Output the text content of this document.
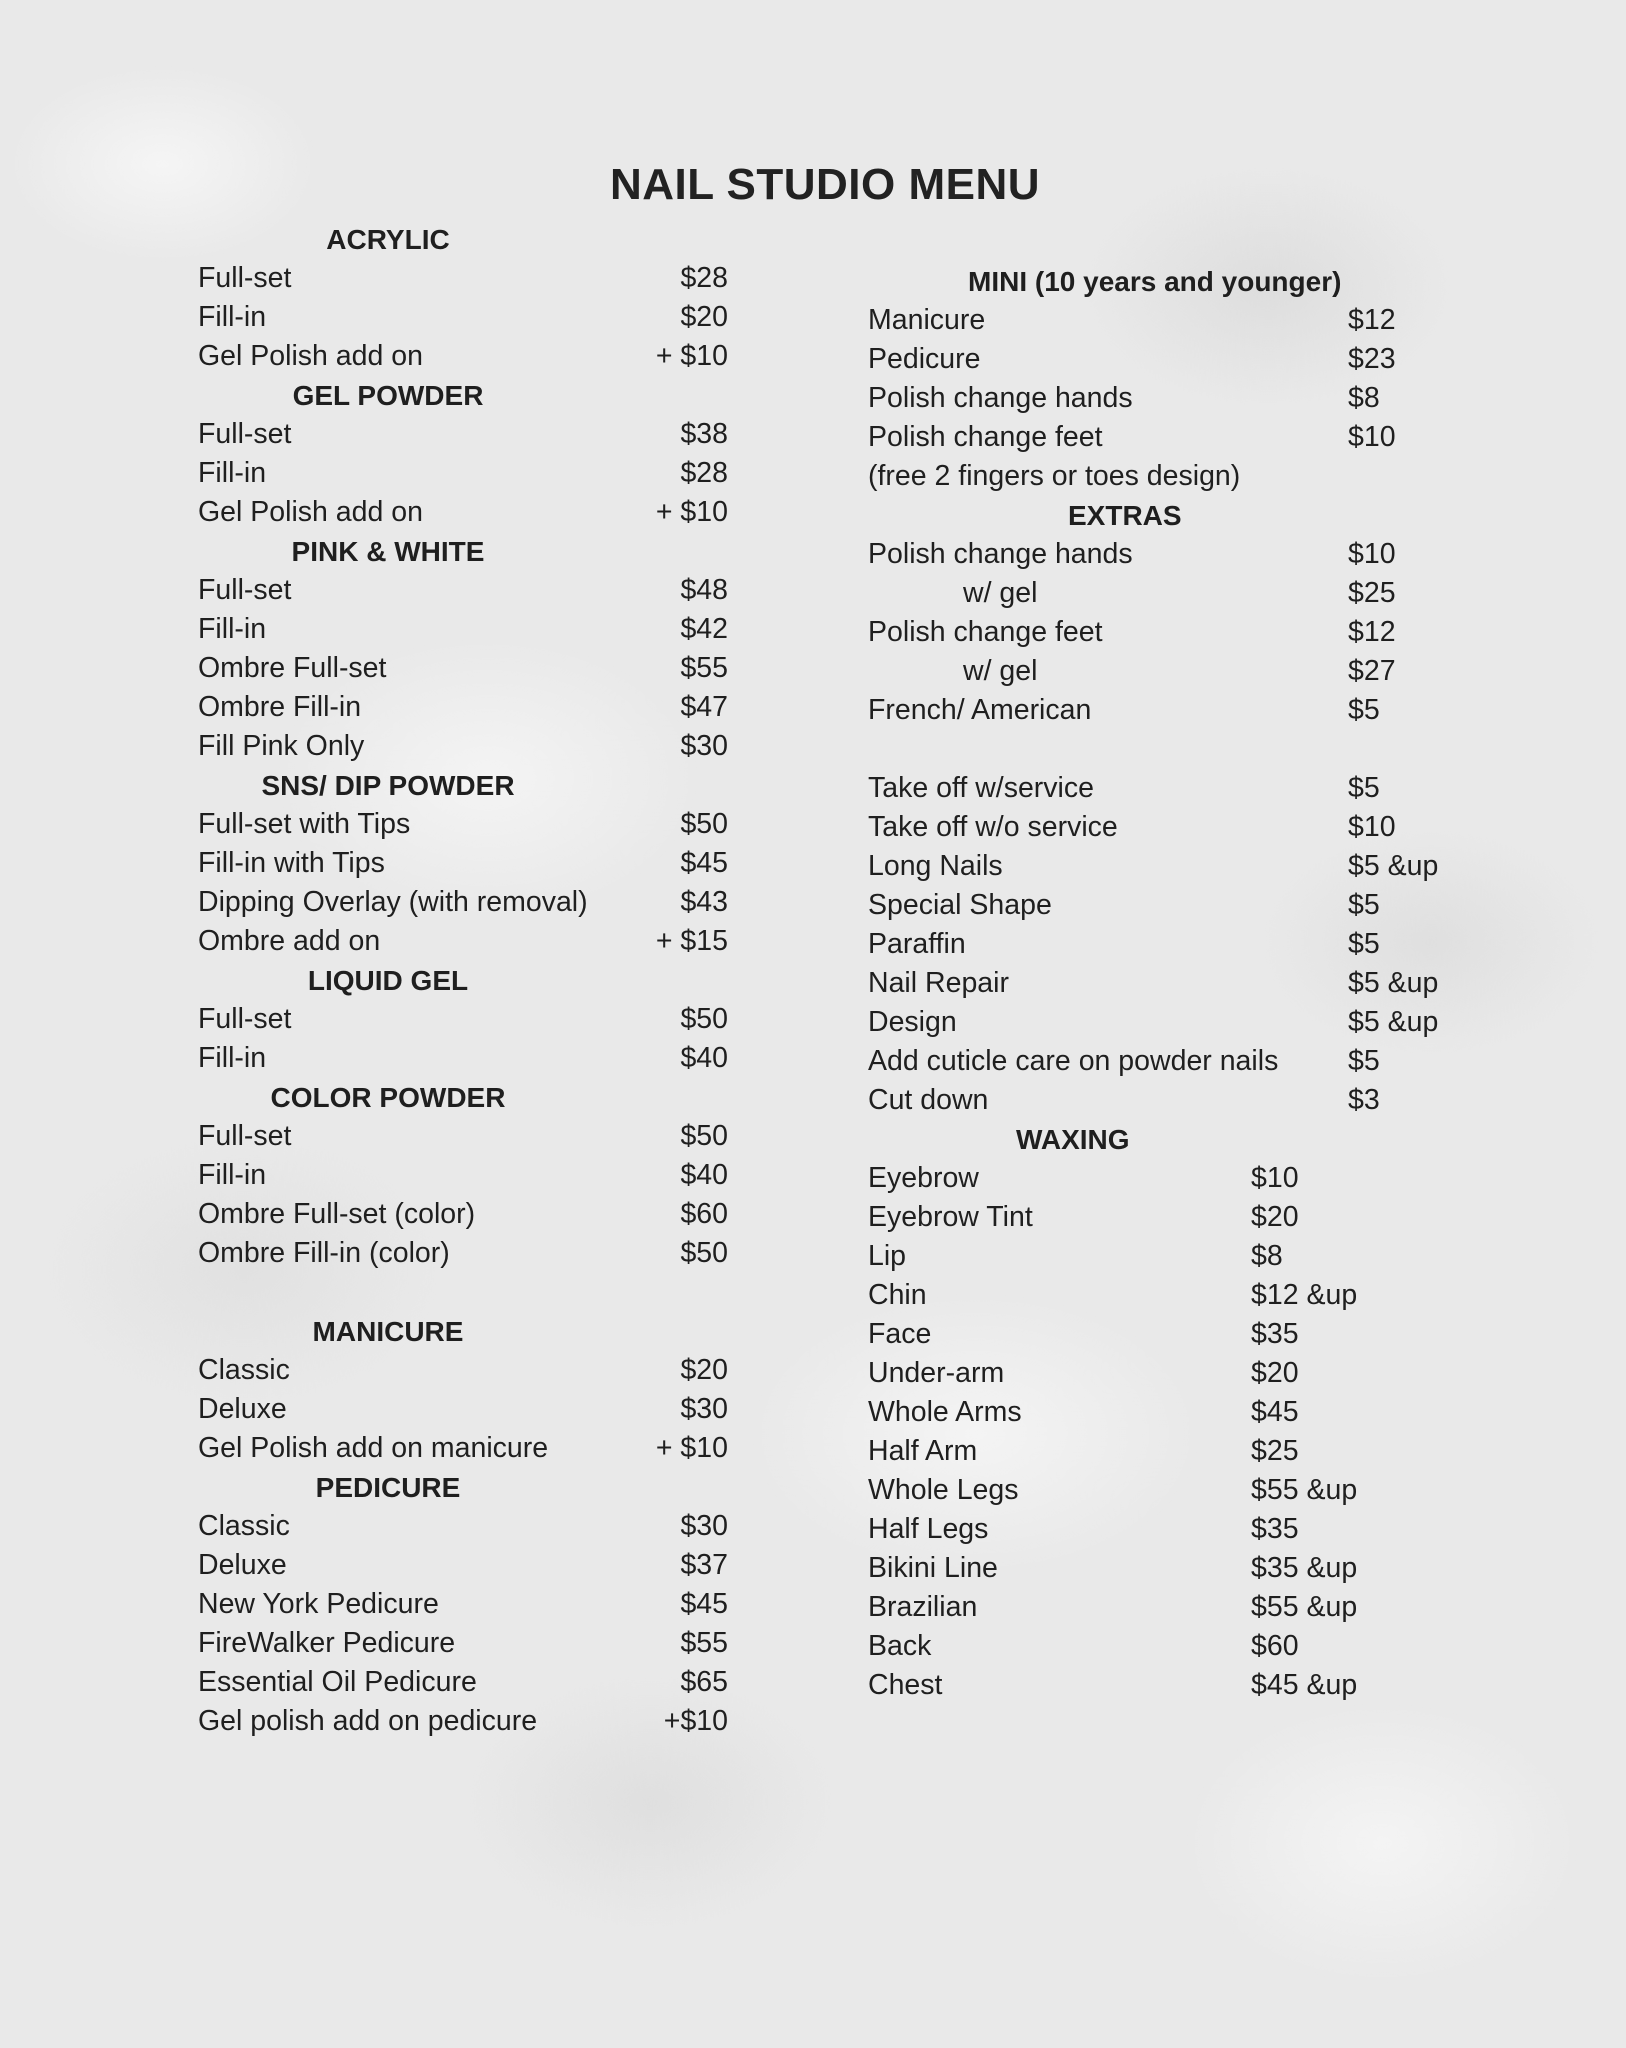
NAIL STUDIO MENU
ACRYLIC
Full-set	$28
Fill-in	$20
Gel Polish add on	+ $10
GEL POWDER
Full-set	$38
Fill-in	$28
Gel Polish add on	+ $10
PINK & WHITE
Full-set	$48
Fill-in	$42
Ombre Full-set	$55
Ombre Fill-in	$47
Fill Pink Only	$30
SNS/ DIP POWDER
Full-set with Tips	$50
Fill-in with Tips	$45
Dipping Overlay (with removal)	$43
Ombre add on	+ $15
LIQUID GEL
Full-set	$50
Fill-in	$40
COLOR POWDER
Full-set	$50
Fill-in	$40
Ombre Full-set (color)	$60
Ombre Fill-in (color)	$50
MANICURE
Classic	$20
Deluxe	$30
Gel Polish add on manicure	+ $10
PEDICURE
Classic	$30
Deluxe	$37
New York Pedicure	$45
FireWalker Pedicure	$55
Essential Oil Pedicure	$65
Gel polish add on pedicure	+$10
MINI (10 years and younger)
Manicure	$12
Pedicure	$23
Polish change hands	$8
Polish change feet	$10
(free 2 fingers or toes design)
EXTRAS
Polish change hands	$10
w/ gel	$25
Polish change feet	$12
w/ gel	$27
French/ American	$5
Take off w/service	$5
Take off w/o service	$10
Long Nails	$5 &up
Special Shape	$5
Paraffin	$5
Nail Repair	$5 &up
Design	$5 &up
Add cuticle care on powder nails	$5
Cut down	$3
WAXING
Eyebrow	$10
Eyebrow Tint	$20
Lip	$8
Chin	$12 &up
Face	$35
Under-arm	$20
Whole Arms	$45
Half Arm	$25
Whole Legs	$55 &up
Half Legs	$35
Bikini Line	$35 &up
Brazilian	$55 &up
Back	$60
Chest	$45 &up
